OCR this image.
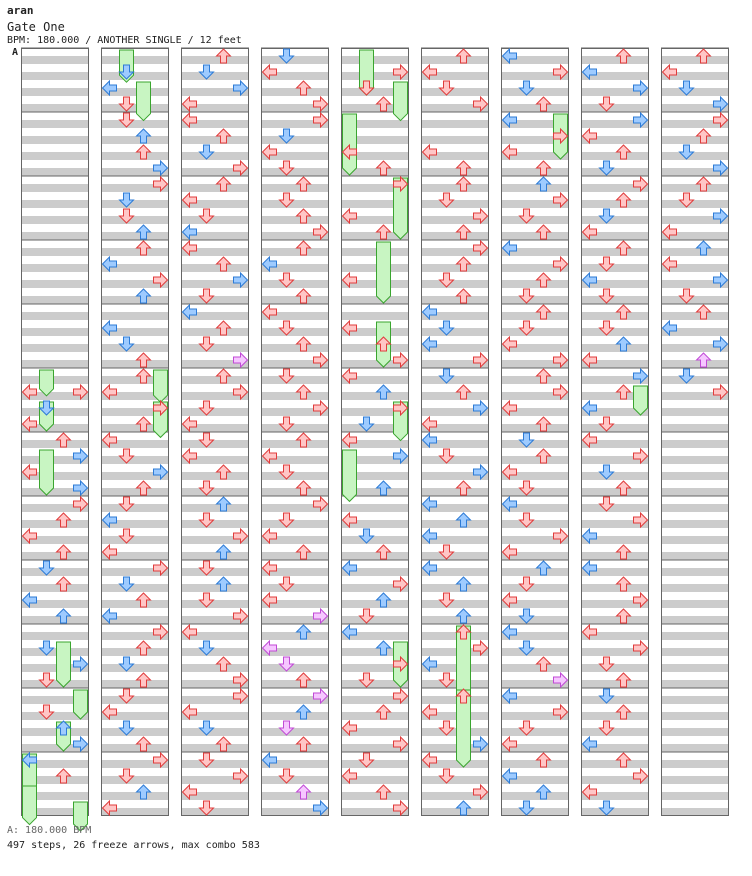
aran
Gate One
BPM: 180.000 / ANOTHER SINGLE / 12 feet
A
A: 180.000 BPM
497 steps, 26 freeze arrows, max combo 583
